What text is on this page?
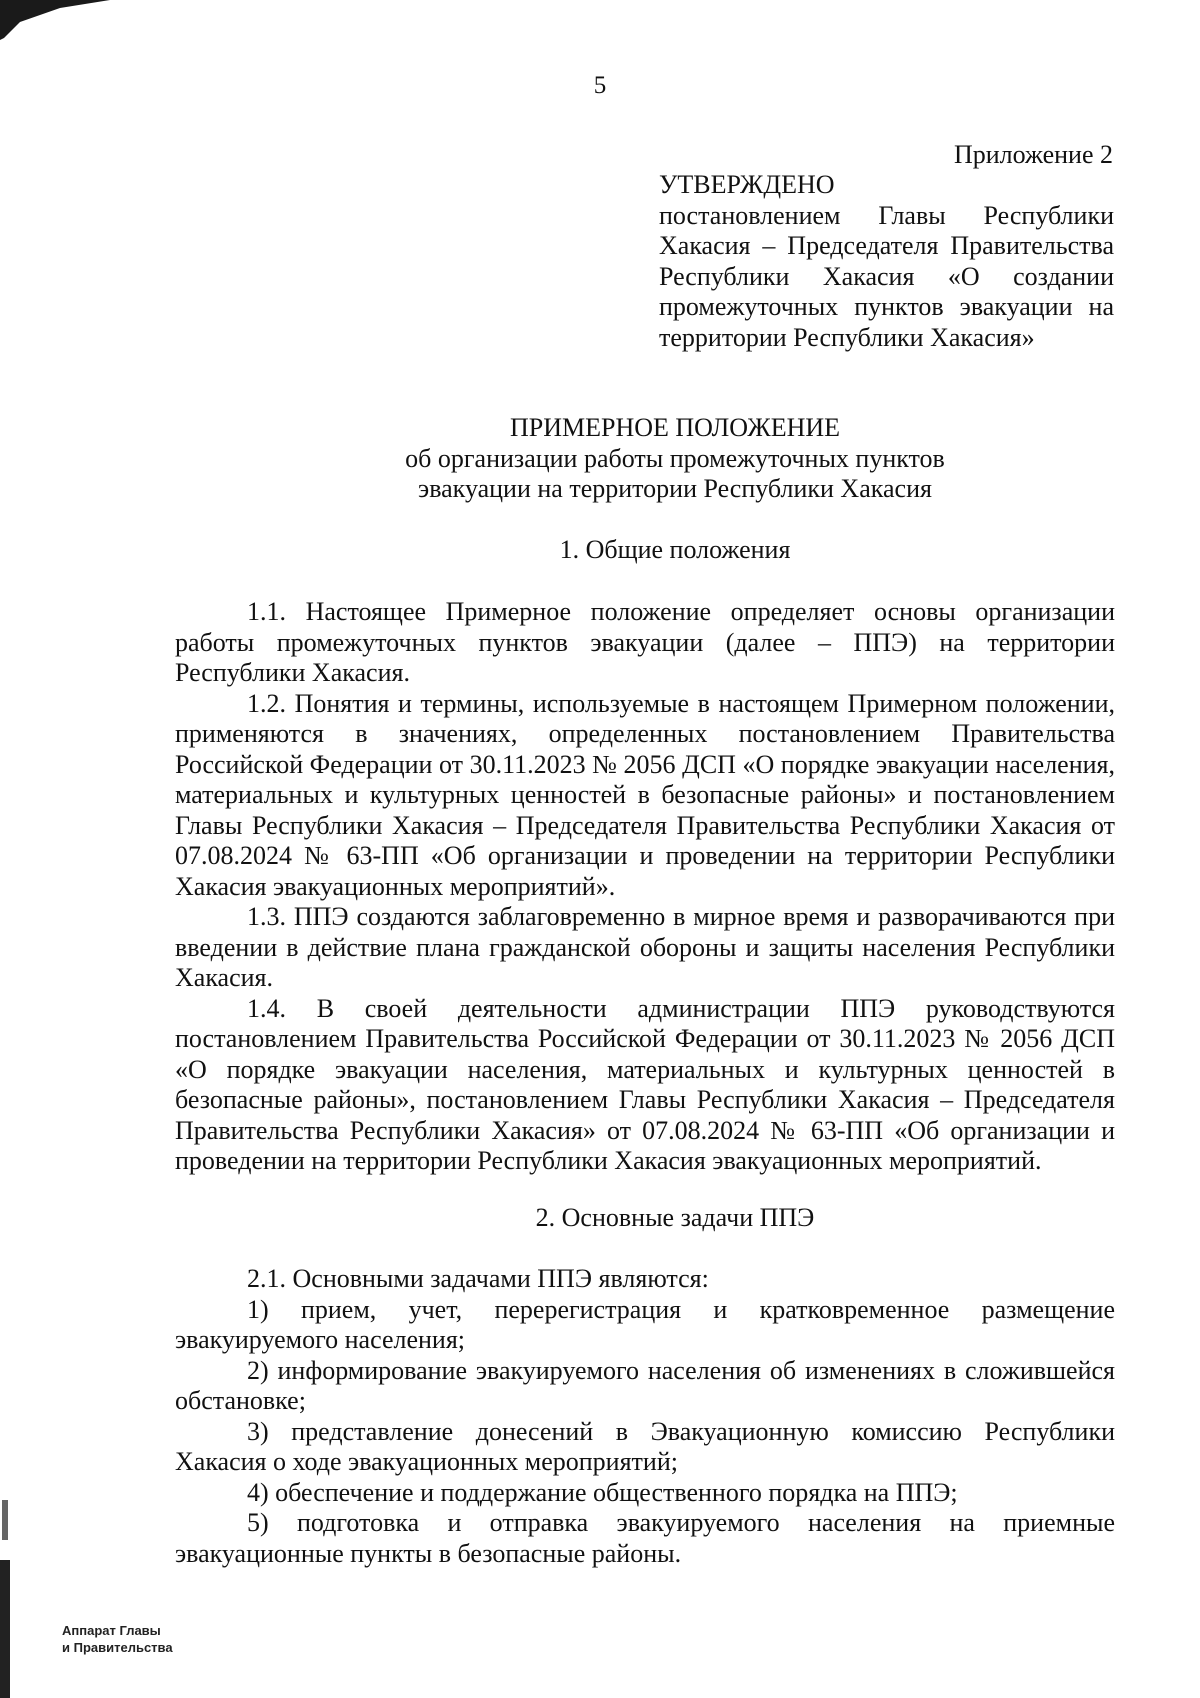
5
Приложение 2
УТВЕРЖДЕНО
постановлением Главы Республики Хакасия – Председателя Правительства Республики Хакасия «О создании промежуточных пунктов эвакуации на территории Республики Хакасия»
ПРИМЕРНОЕ ПОЛОЖЕНИЕ
об организации работы промежуточных пунктов
эвакуации на территории Республики Хакасия
1. Общие положения

1.1. Настоящее Примерное положение определяет основы организации работы промежуточных пунктов эвакуации (далее – ППЭ) на территории Республики Хакасия.

1.2. Понятия и термины, используемые в настоящем Примерном положении, применяются в значениях, определенных постановлением Правительства Российской Федерации от 30.11.2023 № 2056 ДСП «О порядке эвакуации населения, материальных и культурных ценностей в безопасные районы» и постановлением Главы Республики Хакасия – Председателя Правительства Республики Хакасия от 07.08.2024 № 63-ПП «Об организации и проведении на территории Республики Хакасия эвакуационных мероприятий».

1.3. ППЭ создаются заблаговременно в мирное время и разворачиваются при введении в действие плана гражданской обороны и защиты населения Республики Хакасия.

1.4. В своей деятельности администрации ППЭ руководствуются постановлением Правительства Российской Федерации от 30.11.2023 № 2056 ДСП «О порядке эвакуации населения, материальных и культурных ценностей в безопасные районы», постановлением Главы Республики Хакасия – Председателя Правительства Республики Хакасия» от 07.08.2024 № 63-ПП «Об организации и проведении на территории Республики Хакасия эвакуационных мероприятий.

2. Основные задачи ППЭ

2.1. Основными задачами ППЭ являются:

1) прием, учет, перерегистрация и кратковременное размещение эвакуируемого населения;

2) информирование эвакуируемого населения об изменениях в сложившейся обстановке;

3) представление донесений в Эвакуационную комиссию Республики Хакасия о ходе эвакуационных мероприятий;

4) обеспечение и поддержание общественного порядка на ППЭ;

5) подготовка и отправка эвакуируемого населения на приемные эвакуационные пункты в безопасные районы.

Аппарат Главы
и Правительства
